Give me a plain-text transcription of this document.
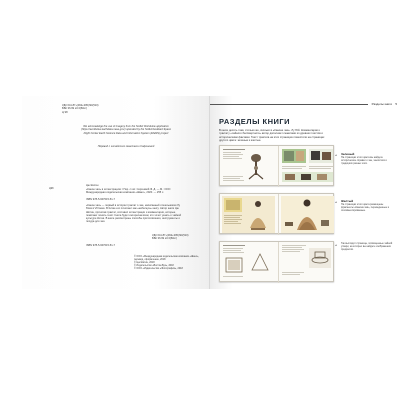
УДК 641.87+(392+395)/94(510)
ББК 36.99 я3.3(5Кит)
Ц 98
We acknowledge the use of imagery from the NASA Worldview application (https://worldview.earthdata.nasa.gov/) operated by the NASA/Goddard Space Flight Center Earth Science Data and Information System (ESDIS) project
Перевод с китайского Анастасии Сафоновой
Цю Шитин
Ц98	«Канон чая» в иллюстрациях / Пер. с кит. Сергеевой Ф. Д. — М.: ООО Международная издательская компания «Шанс», 2020. — 255 с.
ISBN 978-5-907015-51-7
«Канон чая» — первый в истории трактат о чае, написанный отшельником Лу Юем в VIII веке. В Китае его почитают как «небесную» книгу. Автор книги Цю Шитин, прочитав трактат, составил иллюстрации и комментарии, которые помогают понять текст. Книга будет интересна всем, кто хочет узнать о чайной культуре Китая. В книге рассмотрены способы приготовления, инструменты и посуда для чая.
УДК 641.87+(392+395)/94(510)
ББК 36.99 я3.3(5Кит)
ISBN 978-5-907015-51-7
© ООО «Международная издательская компания «Шанс», перевод, оформление, 2018
© Цю Шитин, 2018
© Издательство «Восток-Бук», 2018
© ООО «Издательство «Фотография», 2018
Разделы книги 5
РАЗДЕЛЫ КНИГИ
В книге десять глав, столько же, сколько в «Каноне чая». Лу Юй. Комментарии к трактату «чайного бессмертного» автор дополняет сюжетами из древних текстов и историческими фактами. Текст трактата на этих страницах поместили на страницах другого цвета: зеленые и желтые.
◂ Зеленый
На страницах этого цвета вы найдете исторические справки о чае, чаепитиях и традициях разных эпох.
◂ Желтый
На страницах этого цвета размещены фрагменты «Канона чая», переведенные и откомментированные.
◂ Так выглядят страницы, посвященные чайной утвари, на которых вы найдете изображения предметов.
